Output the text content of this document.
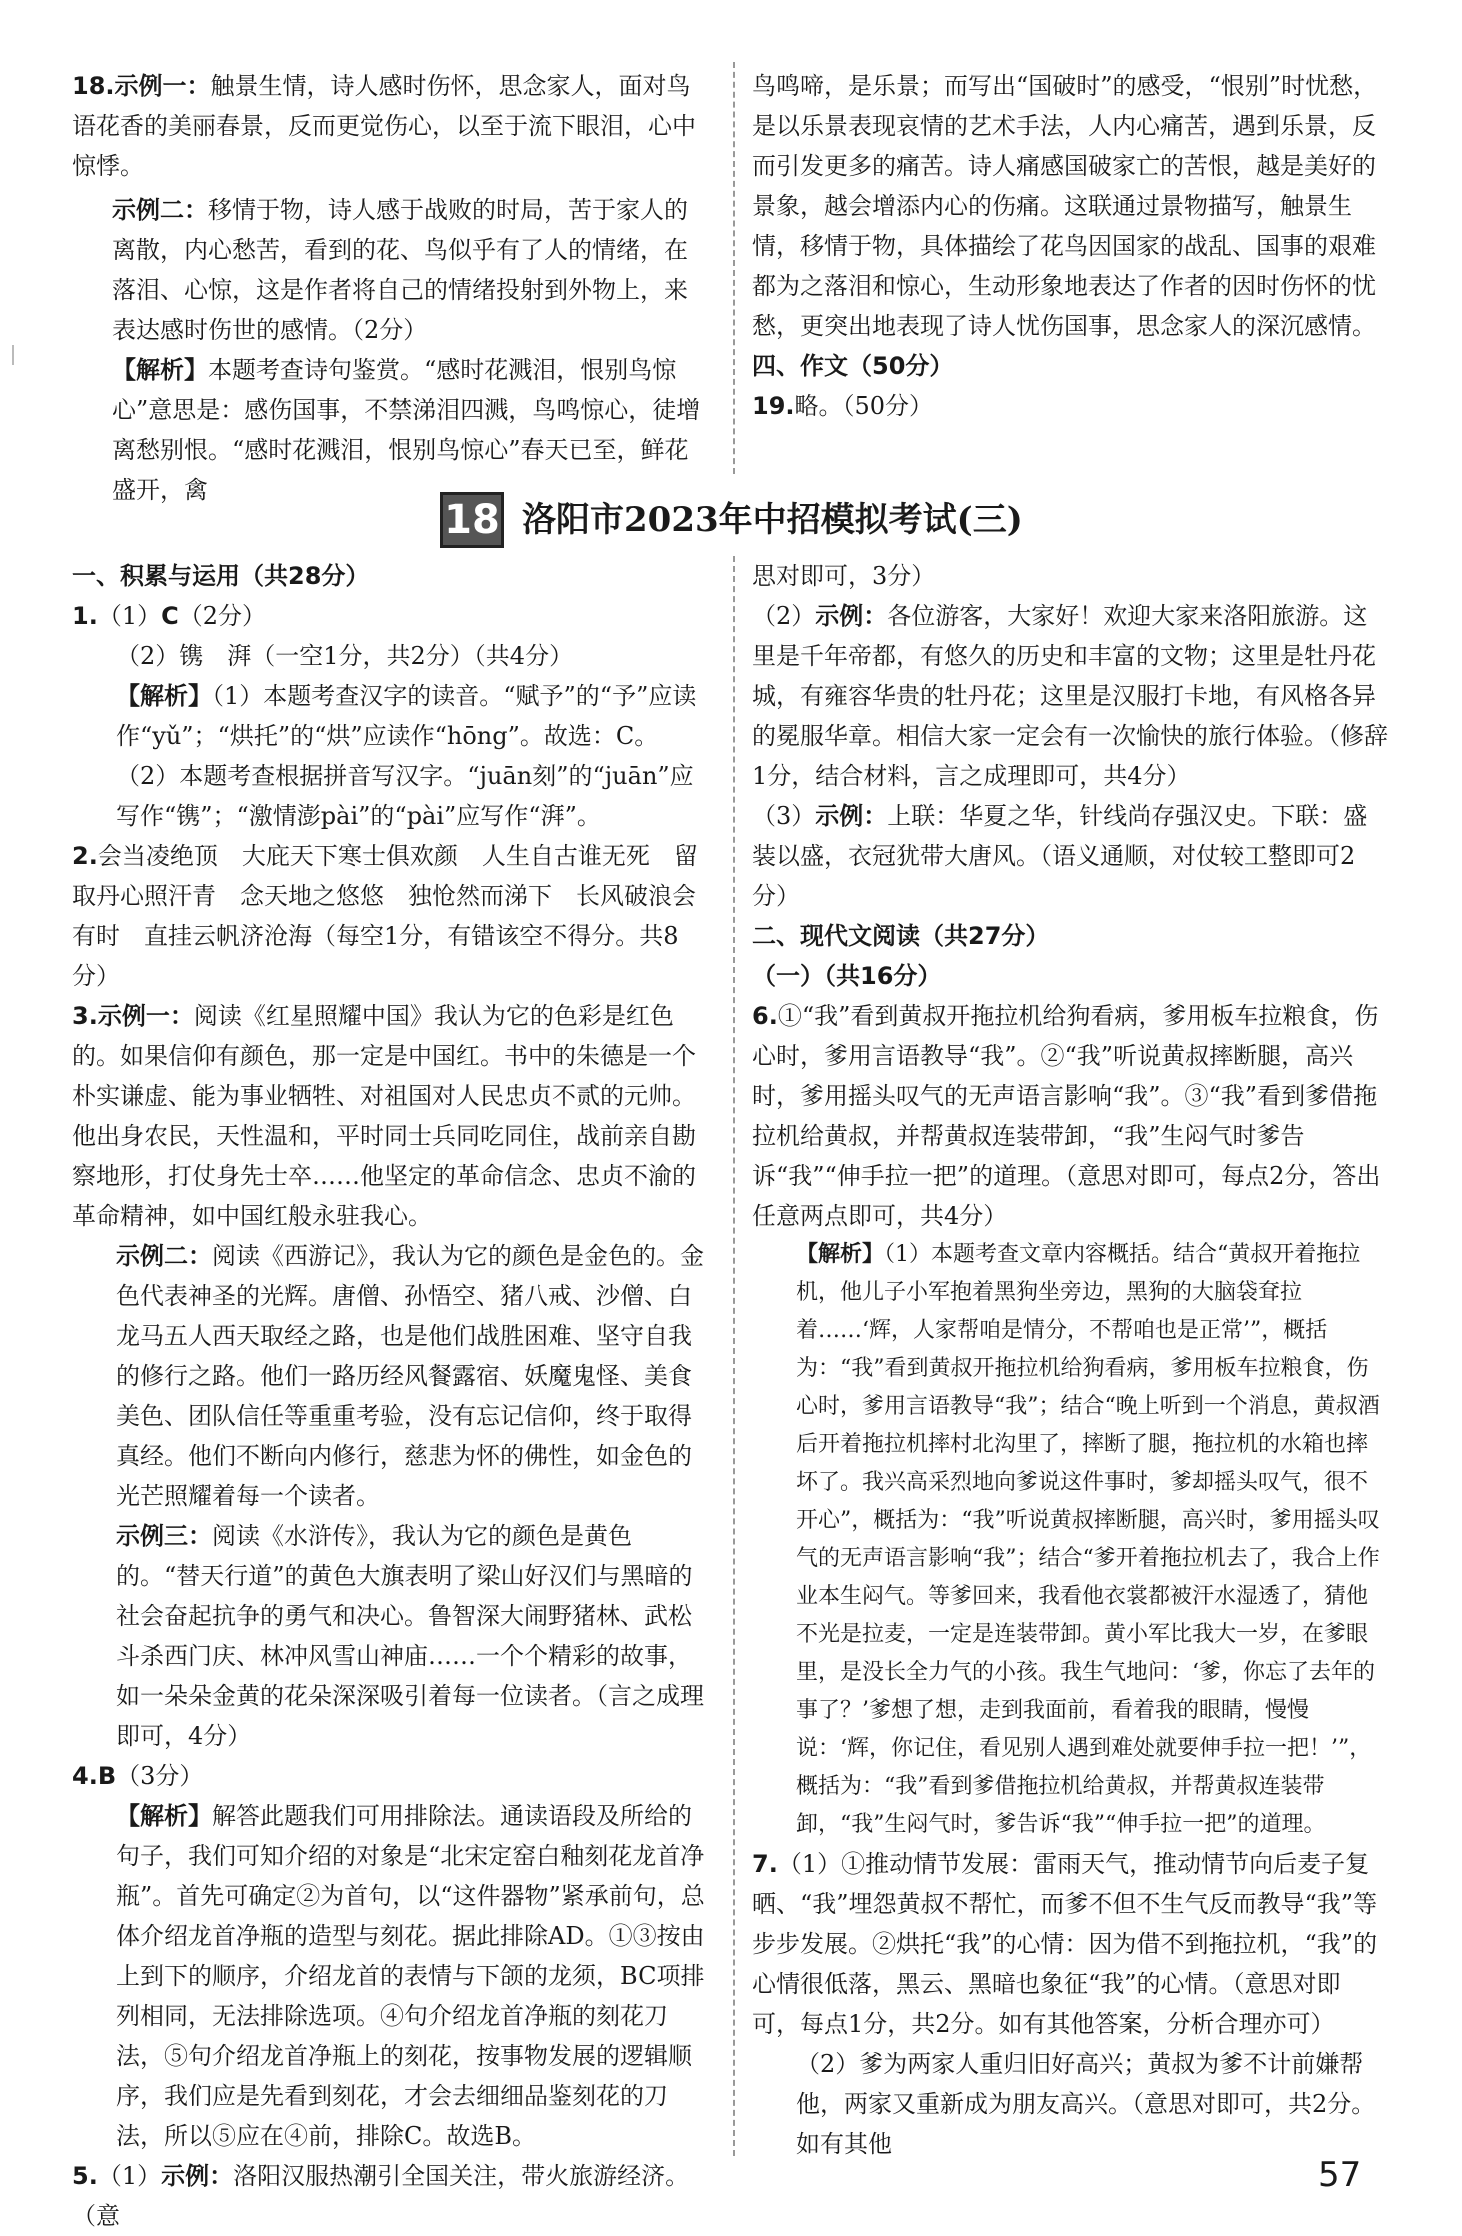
18.示例一：触景生情，诗人感时伤怀，思念家人，面对鸟语花香的美丽春景，反而更觉伤心，以至于流下眼泪，心中惊悸。

示例二：移情于物，诗人感于战败的时局，苦于家人的离散，内心愁苦，看到的花、鸟似乎有了人的情绪，在落泪、心惊，这是作者将自己的情绪投射到外物上，来表达感时伤世的感情。（2分）

【解析】本题考查诗句鉴赏。“感时花溅泪，恨别鸟惊心”意思是：感伤国事，不禁涕泪四溅，鸟鸣惊心，徒增离愁别恨。“感时花溅泪，恨别鸟惊心”春天已至，鲜花盛开，禽

鸟鸣啼，是乐景；而写出“国破时”的感受，“恨别”时忧愁，是以乐景表现哀情的艺术手法，人内心痛苦，遇到乐景，反而引发更多的痛苦。诗人痛感国破家亡的苦恨，越是美好的景象，越会增添内心的伤痛。这联通过景物描写，触景生情，移情于物，具体描绘了花鸟因国家的战乱、国事的艰难都为之落泪和惊心，生动形象地表达了作者的因时伤怀的忧愁，更突出地表现了诗人忧伤国事，思念家人的深沉感情。

四、作文（50分）

19.略。（50分）

18 洛阳市2023年中招模拟考试(三)

一、积累与运用（共28分）

1.（1）C（2分）

（2）镌　湃（一空1分，共2分）（共4分）

【解析】（1）本题考查汉字的读音。“赋予”的“予”应读作“yǔ”；“烘托”的“烘”应读作“hōng”。故选：C。

（2）本题考查根据拼音写汉字。“juān刻”的“juān”应写作“镌”；“激情澎pài”的“pài”应写作“湃”。

2.会当凌绝顶　大庇天下寒士俱欢颜　人生自古谁无死　留取丹心照汗青　念天地之悠悠　独怆然而涕下　长风破浪会有时　直挂云帆济沧海（每空1分，有错该空不得分。共8分）

3.示例一：阅读《红星照耀中国》我认为它的色彩是红色的。如果信仰有颜色，那一定是中国红。书中的朱德是一个朴实谦虚、能为事业牺牲、对祖国对人民忠贞不贰的元帅。他出身农民，天性温和，平时同士兵同吃同住，战前亲自勘察地形，打仗身先士卒……他坚定的革命信念、忠贞不渝的革命精神，如中国红般永驻我心。

示例二：阅读《西游记》，我认为它的颜色是金色的。金色代表神圣的光辉。唐僧、孙悟空、猪八戒、沙僧、白龙马五人西天取经之路，也是他们战胜困难、坚守自我的修行之路。他们一路历经风餐露宿、妖魔鬼怪、美食美色、团队信任等重重考验，没有忘记信仰，终于取得真经。他们不断向内修行，慈悲为怀的佛性，如金色的光芒照耀着每一个读者。

示例三：阅读《水浒传》，我认为它的颜色是黄色的。“替天行道”的黄色大旗表明了梁山好汉们与黑暗的社会奋起抗争的勇气和决心。鲁智深大闹野猪林、武松斗杀西门庆、林冲风雪山神庙……一个个精彩的故事，如一朵朵金黄的花朵深深吸引着每一位读者。（言之成理即可，4分）

4.B（3分）

【解析】解答此题我们可用排除法。通读语段及所给的句子，我们可知介绍的对象是“北宋定窑白釉刻花龙首净瓶”。首先可确定②为首句，以“这件器物”紧承前句，总体介绍龙首净瓶的造型与刻花。据此排除AD。①③按由上到下的顺序，介绍龙首的表情与下颌的龙须，BC项排列相同，无法排除选项。④句介绍龙首净瓶的刻花刀法，⑤句介绍龙首净瓶上的刻花，按事物发展的逻辑顺序，我们应是先看到刻花，才会去细细品鉴刻花的刀法，所以⑤应在④前，排除C。故选B。

5.（1）示例：洛阳汉服热潮引全国关注，带火旅游经济。（意

思对即可，3分）

（2）示例：各位游客，大家好！欢迎大家来洛阳旅游。这里是千年帝都，有悠久的历史和丰富的文物；这里是牡丹花城，有雍容华贵的牡丹花；这里是汉服打卡地，有风格各异的冕服华章。相信大家一定会有一次愉快的旅行体验。（修辞1分，结合材料，言之成理即可，共4分）

（3）示例：上联：华夏之华，针线尚存强汉史。下联：盛装以盛，衣冠犹带大唐风。（语义通顺，对仗较工整即可2分）

二、现代文阅读（共27分）

（一）（共16分）

6.①“我”看到黄叔开拖拉机给狗看病，爹用板车拉粮食，伤心时，爹用言语教导“我”。②“我”听说黄叔摔断腿，高兴时，爹用摇头叹气的无声语言影响“我”。③“我”看到爹借拖拉机给黄叔，并帮黄叔连装带卸，“我”生闷气时爹告诉“我”“伸手拉一把”的道理。（意思对即可，每点2分，答出任意两点即可，共4分）

【解析】（1）本题考查文章内容概括。结合“黄叔开着拖拉机，他儿子小军抱着黑狗坐旁边，黑狗的大脑袋耷拉着……‘辉，人家帮咱是情分，不帮咱也是正常’”，概括为：“我”看到黄叔开拖拉机给狗看病，爹用板车拉粮食，伤心时，爹用言语教导“我”；结合“晚上听到一个消息，黄叔酒后开着拖拉机摔村北沟里了，摔断了腿，拖拉机的水箱也摔坏了。我兴高采烈地向爹说这件事时，爹却摇头叹气，很不开心”，概括为：“我”听说黄叔摔断腿，高兴时，爹用摇头叹气的无声语言影响“我”；结合“爹开着拖拉机去了，我合上作业本生闷气。等爹回来，我看他衣裳都被汗水湿透了，猜他不光是拉麦，一定是连装带卸。黄小军比我大一岁，在爹眼里，是没长全力气的小孩。我生气地问：‘爹，你忘了去年的事了？’爹想了想，走到我面前，看着我的眼睛，慢慢说：‘辉，你记住，看见别人遇到难处就要伸手拉一把！’”，概括为：“我”看到爹借拖拉机给黄叔，并帮黄叔连装带卸，“我”生闷气时，爹告诉“我”“伸手拉一把”的道理。

7.（1）①推动情节发展：雷雨天气，推动情节向后麦子复晒、“我”埋怨黄叔不帮忙，而爹不但不生气反而教导“我”等步步发展。②烘托“我”的心情：因为借不到拖拉机，“我”的心情很低落，黑云、黑暗也象征“我”的心情。（意思对即可，每点1分，共2分。如有其他答案，分析合理亦可）

（2）爹为两家人重归旧好高兴；黄叔为爹不计前嫌帮他，两家又重新成为朋友高兴。（意思对即可，共2分。如有其他

57
